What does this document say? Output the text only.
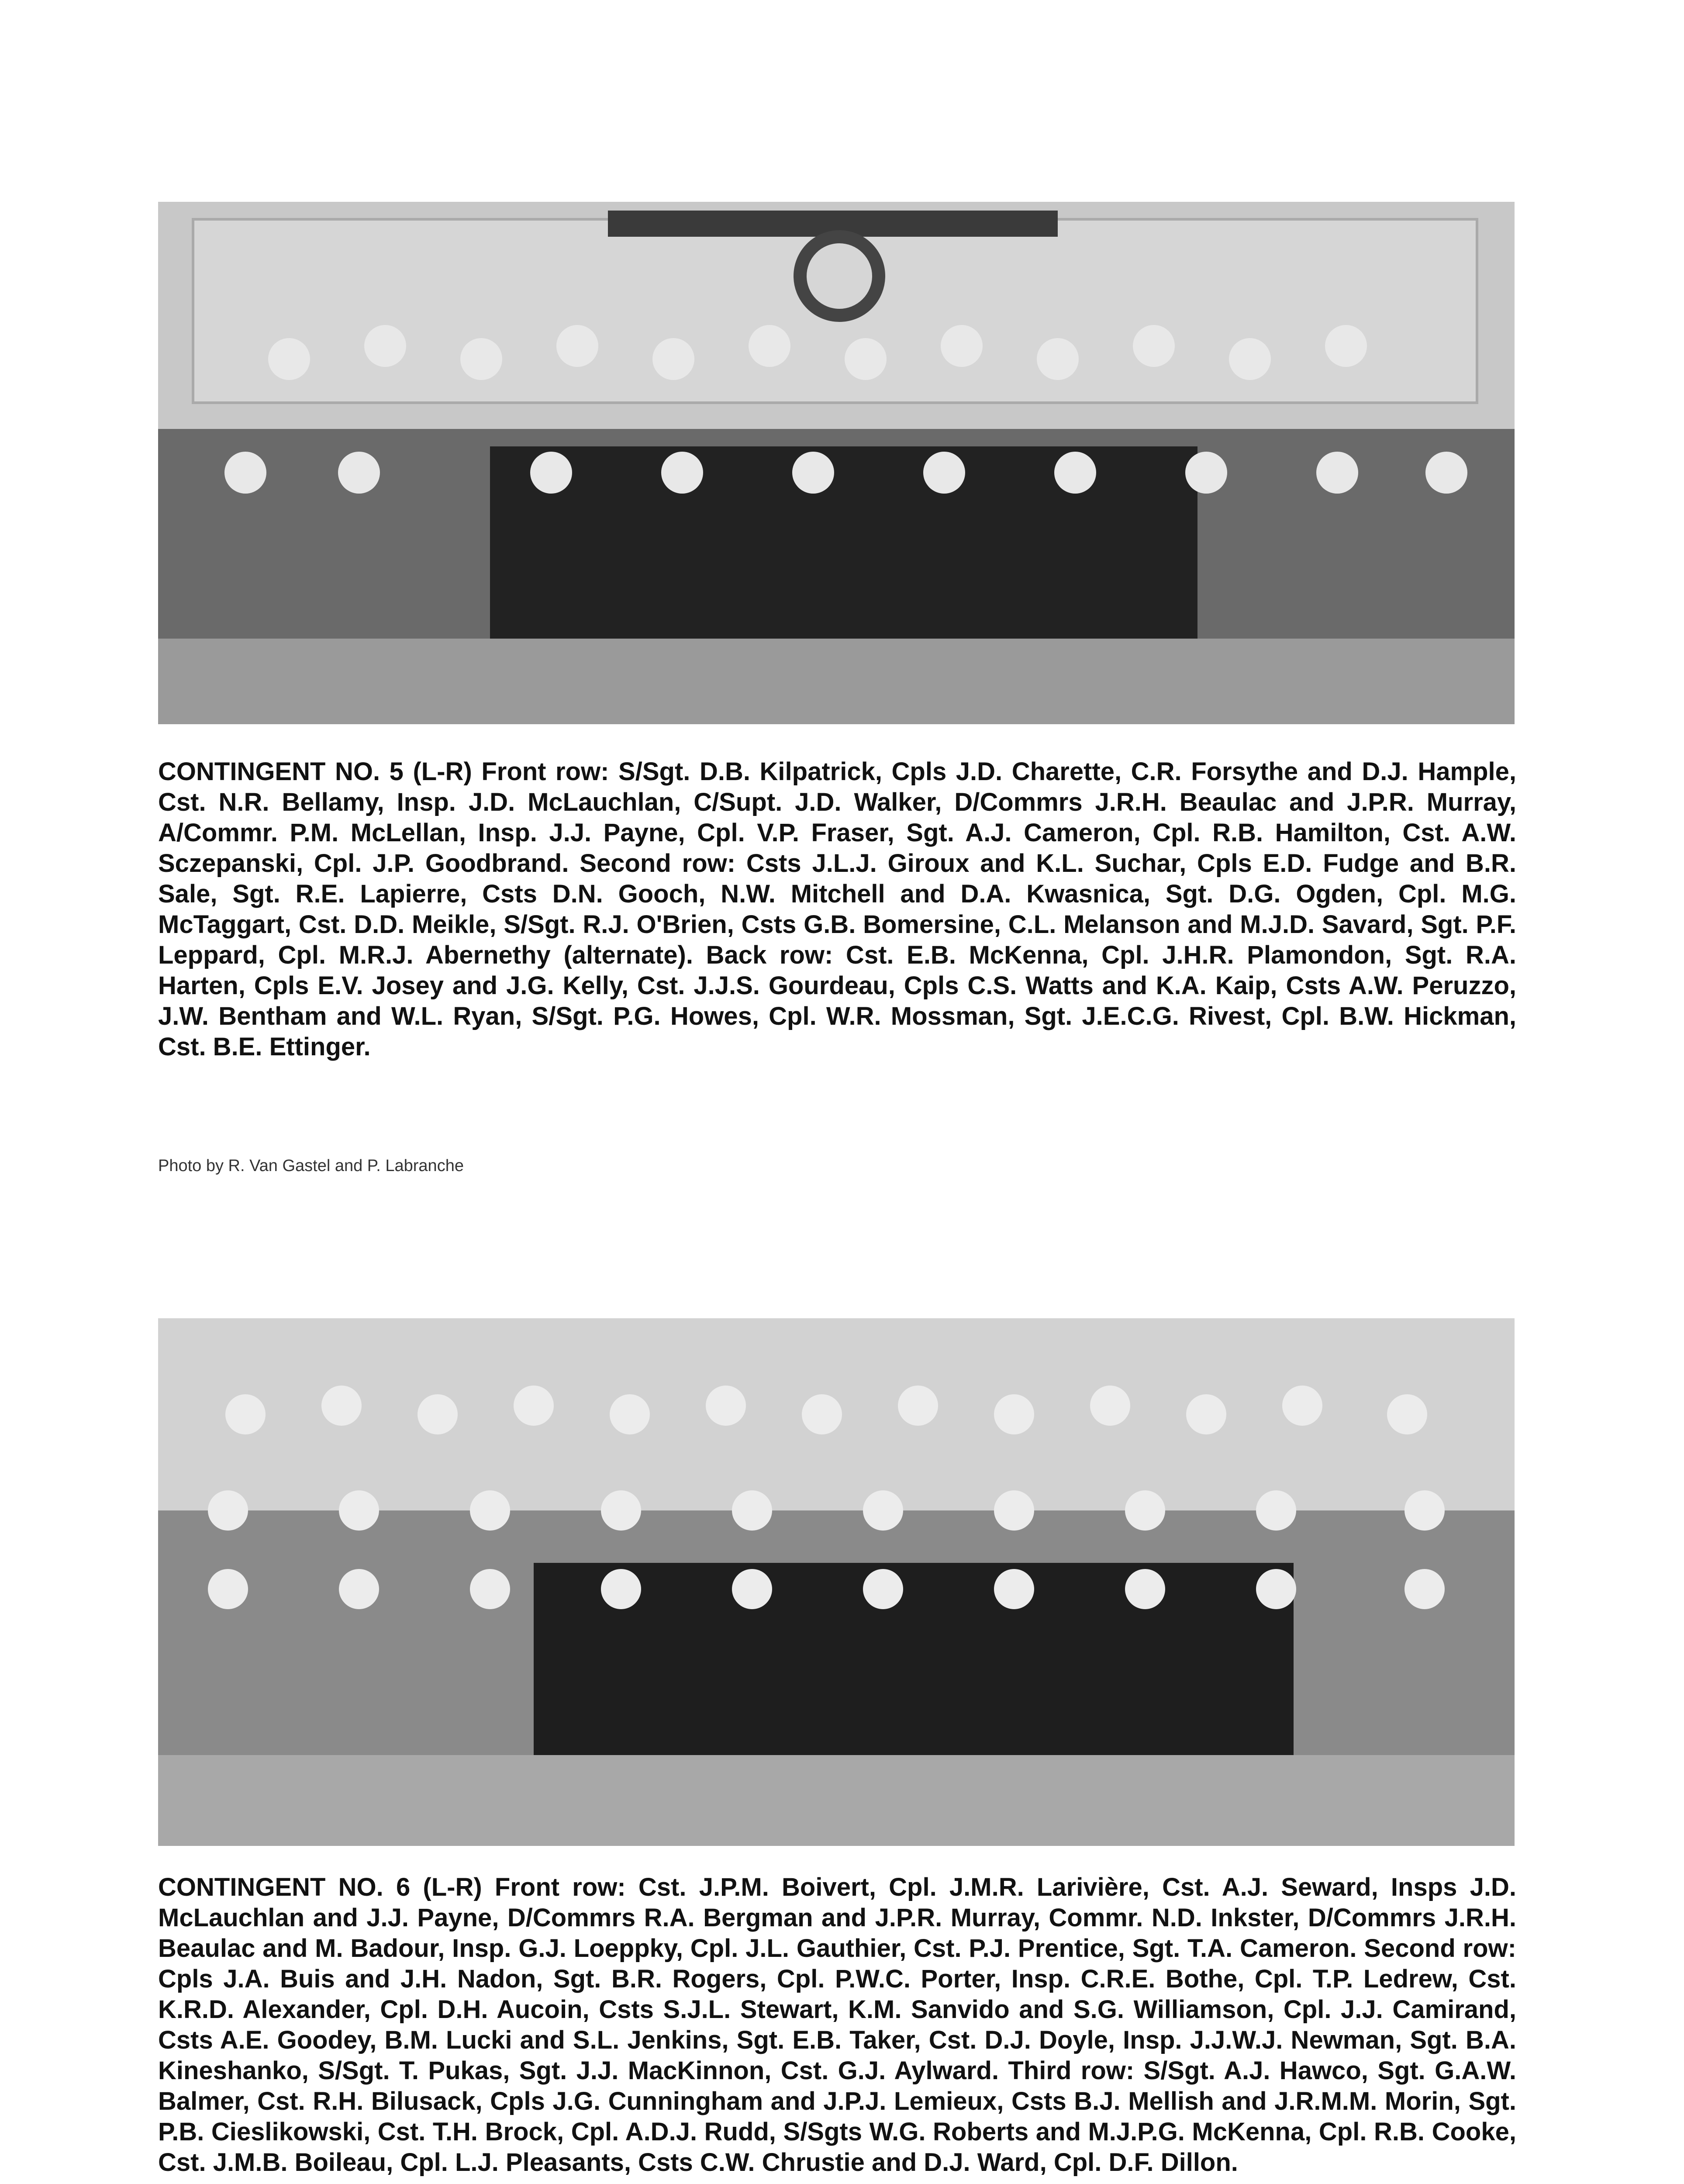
CONTINGENT NO. 5 (L-R) Front row: S/Sgt. D.B. Kilpatrick, Cpls J.D. Charette, C.R. Forsythe and D.J. Hample, Cst. N.R. Bellamy, Insp. J.D. McLauchlan, C/Supt. J.D. Walker, D/Commrs J.R.H. Beaulac and J.P.R. Murray, A/Commr. P.M. McLellan, Insp. J.J. Payne, Cpl. V.P. Fraser, Sgt. A.J. Cameron, Cpl. R.B. Hamilton, Cst. A.W. Sczepanski, Cpl. J.P. Goodbrand. Second row: Csts J.L.J. Giroux and K.L. Suchar, Cpls E.D. Fudge and B.R. Sale, Sgt. R.E. Lapierre, Csts D.N. Gooch, N.W. Mitchell and D.A. Kwasnica, Sgt. D.G. Ogden, Cpl. M.G. McTaggart, Cst. D.D. Meikle, S/Sgt. R.J. O'Brien, Csts G.B. Bomersine, C.L. Melanson and M.J.D. Savard, Sgt. P.F. Leppard, Cpl. M.R.J. Abernethy (alternate). Back row: Cst. E.B. McKenna, Cpl. J.H.R. Plamondon, Sgt. R.A. Harten, Cpls E.V. Josey and J.G. Kelly, Cst. J.J.S. Gourdeau, Cpls C.S. Watts and K.A. Kaip, Csts A.W. Peruzzo, J.W. Bentham and W.L. Ryan, S/Sgt. P.G. Howes, Cpl. W.R. Mossman, Sgt. J.E.C.G. Rivest, Cpl. B.W. Hickman, Cst. B.E. Ettinger.

Photo by R. Van Gastel and P. Labranche

CONTINGENT NO. 6 (L-R) Front row: Cst. J.P.M. Boivert, Cpl. J.M.R. Larivière, Cst. A.J. Seward, Insps J.D. McLauchlan and J.J. Payne, D/Commrs R.A. Bergman and J.P.R. Murray, Commr. N.D. Inkster, D/Commrs J.R.H. Beaulac and M. Badour, Insp. G.J. Loeppky, Cpl. J.L. Gauthier, Cst. P.J. Prentice, Sgt. T.A. Cameron. Second row: Cpls J.A. Buis and J.H. Nadon, Sgt. B.R. Rogers, Cpl. P.W.C. Porter, Insp. C.R.E. Bothe, Cpl. T.P. Ledrew, Cst. K.R.D. Alexander, Cpl. D.H. Aucoin, Csts S.J.L. Stewart, K.M. Sanvido and S.G. Williamson, Cpl. J.J. Camirand, Csts A.E. Goodey, B.M. Lucki and S.L. Jenkins, Sgt. E.B. Taker, Cst. D.J. Doyle, Insp. J.J.W.J. Newman, Sgt. B.A. Kineshanko, S/Sgt. T. Pukas, Sgt. J.J. MacKinnon, Cst. G.J. Aylward. Third row: S/Sgt. A.J. Hawco, Sgt. G.A.W. Balmer, Cst. R.H. Bilusack, Cpls J.G. Cunningham and J.P.J. Lemieux, Csts B.J. Mellish and J.R.M.M. Morin, Sgt. P.B. Cieslikowski, Cst. T.H. Brock, Cpl. A.D.J. Rudd, S/Sgts W.G. Roberts and M.J.P.G. McKenna, Cpl. R.B. Cooke, Cst. J.M.B. Boileau, Cpl. L.J. Pleasants, Csts C.W. Chrustie and D.J. Ward, Cpl. D.F. Dillon.
